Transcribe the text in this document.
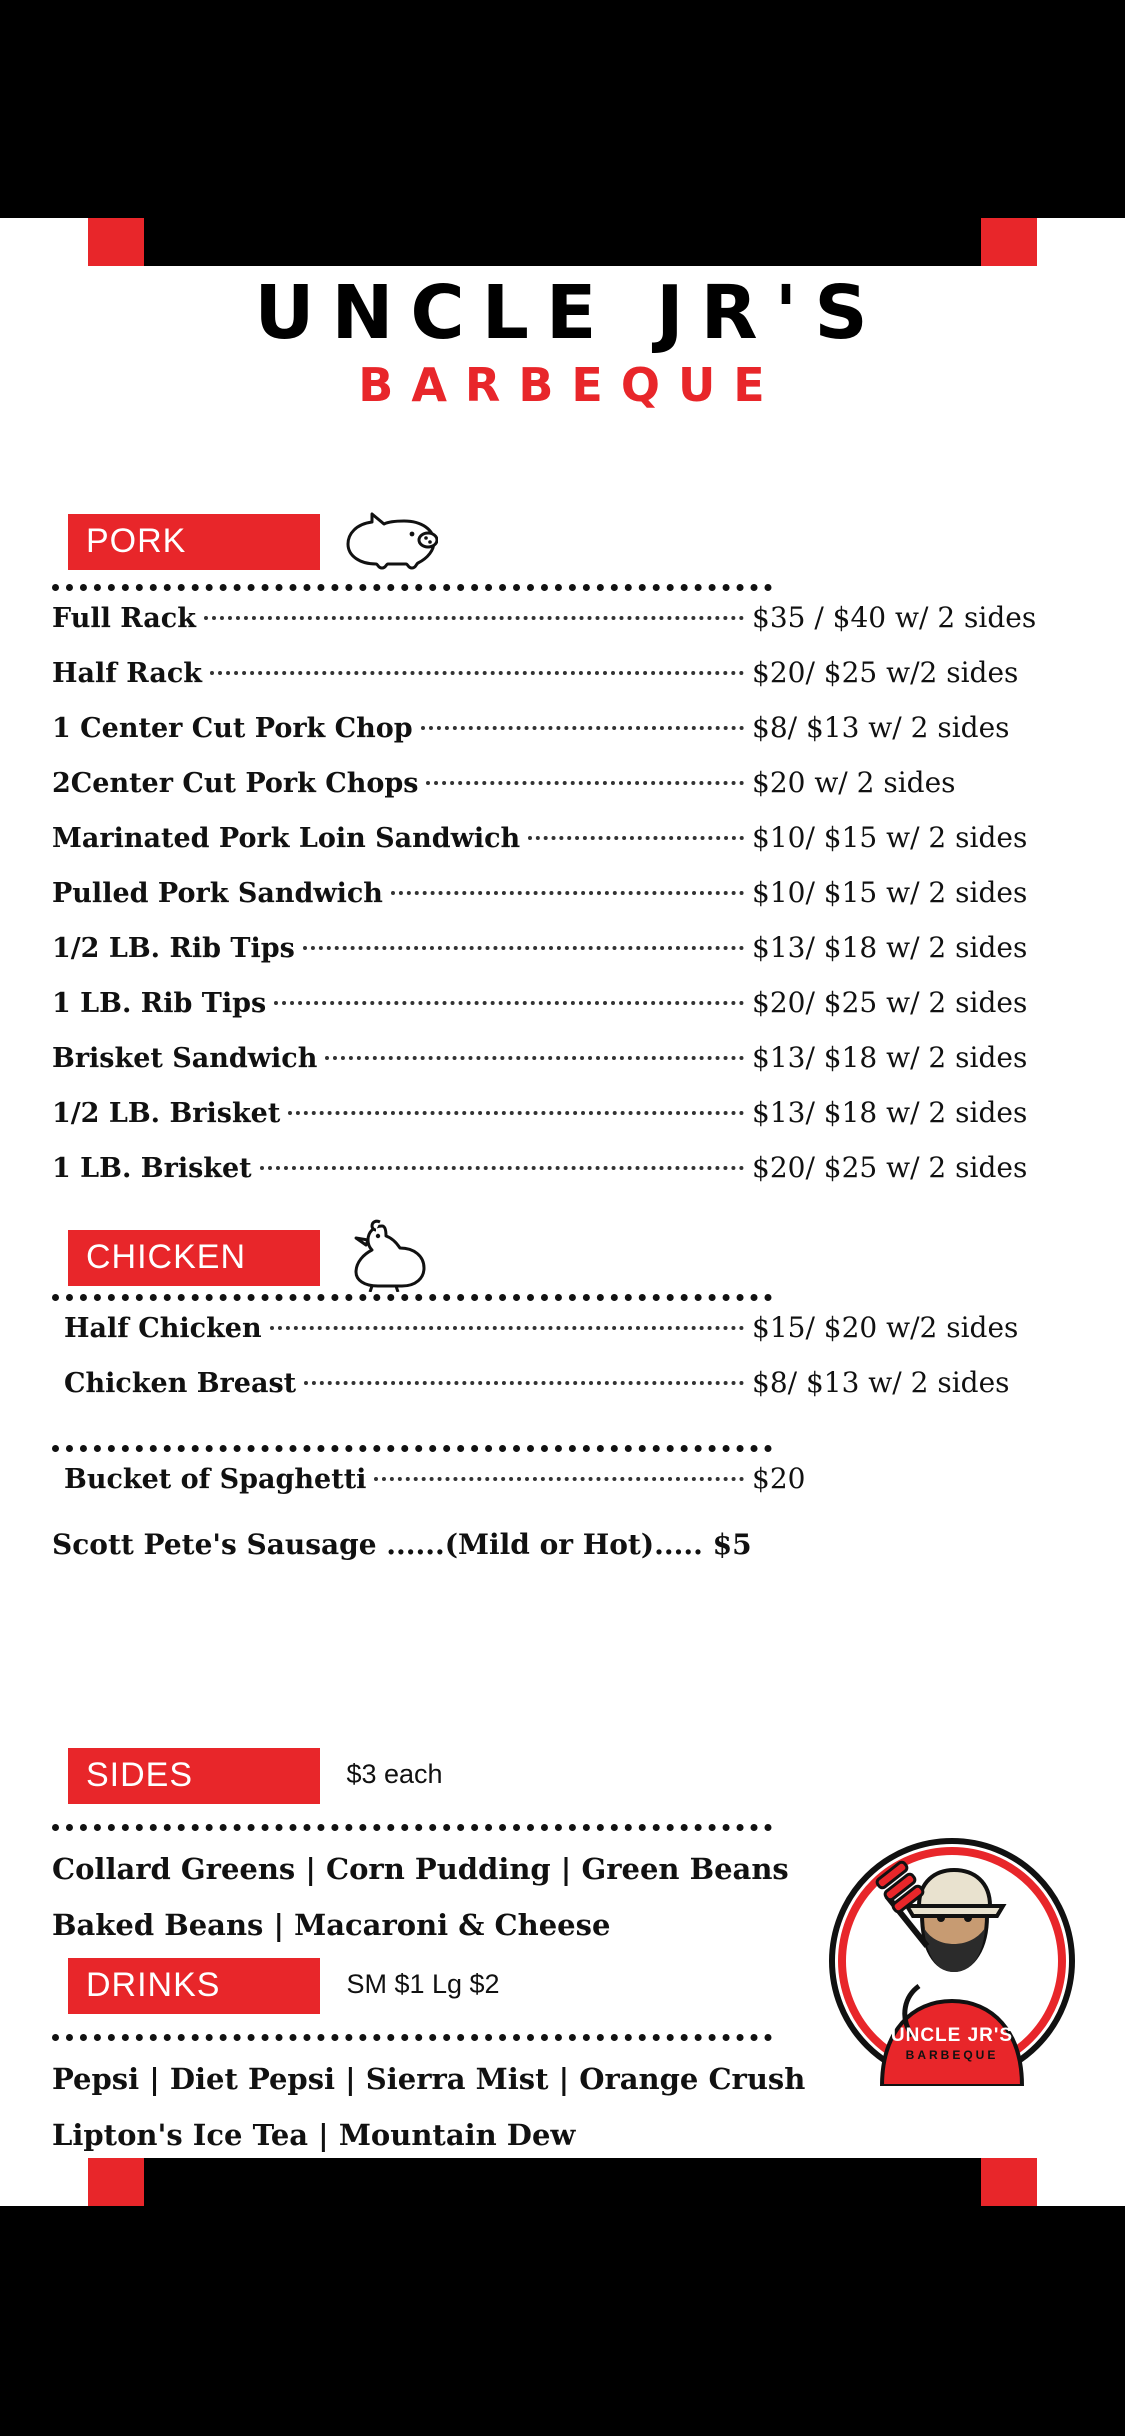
UNCLE JR'S
BARBEQUE
PORK
Full Rack	$35 / $40 w/ 2 sides
Half Rack	$20/ $25 w/2 sides
1 Center Cut Pork Chop	$8/ $13 w/ 2 sides
2Center Cut Pork Chops	$20 w/ 2 sides
Marinated Pork Loin Sandwich	$10/ $15 w/ 2 sides
Pulled Pork Sandwich	$10/ $15 w/ 2 sides
1/2 LB. Rib Tips	$13/ $18 w/ 2 sides
1 LB. Rib Tips	$20/ $25 w/ 2 sides
Brisket Sandwich	$13/ $18 w/ 2 sides
1/2 LB. Brisket	$13/ $18 w/ 2 sides
1 LB. Brisket	$20/ $25 w/ 2 sides
CHICKEN
Half Chicken	$15/ $20 w/2 sides
Chicken Breast	$8/ $13 w/ 2 sides
Bucket of Spaghetti	$20
Scott Pete's Sausage ......(Mild or Hot)..... $5
SIDES	$3 each
Collard Greens | Corn Pudding | Green Beans
Baked Beans | Macaroni & Cheese
DRINKS	SM $1 Lg $2
Pepsi | Diet Pepsi | Sierra Mist | Orange Crush
Lipton's Ice Tea | Mountain Dew
UNCLE JR'S
BARBEQUE
